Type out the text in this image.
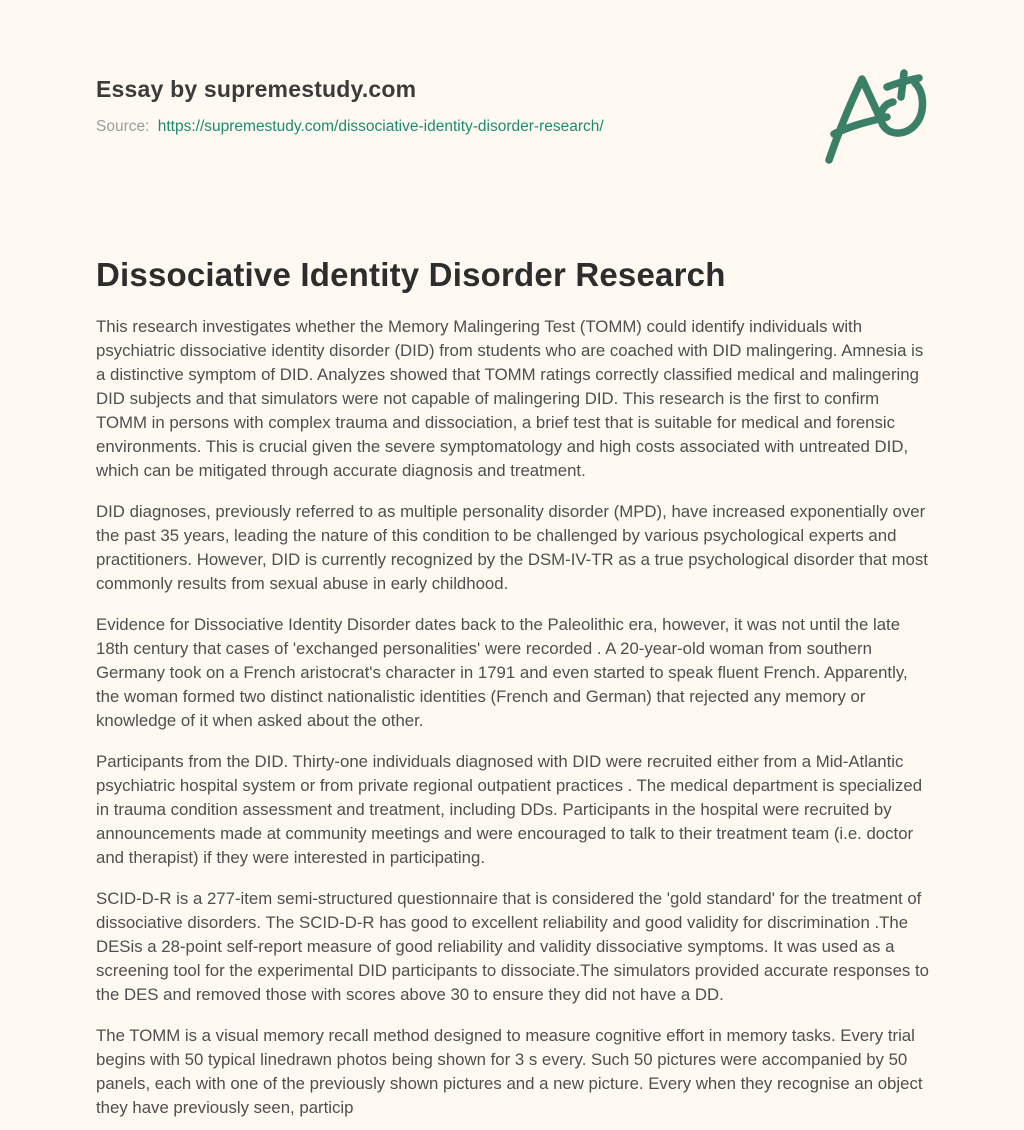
Essay by supremestudy.com
Source: https://supremestudy.com/dissociative-identity-disorder-research/
Dissociative Identity Disorder Research

This research investigates whether the Memory Malingering Test (TOMM) could identify individuals with psychiatric dissociative identity disorder (DID) from students who are coached with DID malingering. Amnesia is a distinctive symptom of DID. Analyzes showed that TOMM ratings correctly classified medical and malingering DID subjects and that simulators were not capable of malingering DID. This research is the first to confirm TOMM in persons with complex trauma and dissociation, a brief test that is suitable for medical and forensic environments. This is crucial given the severe symptomatology and high costs associated with untreated DID, which can be mitigated through accurate diagnosis and treatment.

DID diagnoses, previously referred to as multiple personality disorder (MPD), have increased exponentially over the past 35 years, leading the nature of this condition to be challenged by various psychological experts and practitioners. However, DID is currently recognized by the DSM-IV-TR as a true psychological disorder that most commonly results from sexual abuse in early childhood.

Evidence for Dissociative Identity Disorder dates back to the Paleolithic era, however, it was not until the late 18th century that cases of 'exchanged personalities' were recorded . A 20-year-old woman from southern Germany took on a French aristocrat's character in 1791 and even started to speak fluent French. Apparently, the woman formed two distinct nationalistic identities (French and German) that rejected any memory or knowledge of it when asked about the other.

Participants from the DID. Thirty-one individuals diagnosed with DID were recruited either from a Mid-Atlantic psychiatric hospital system or from private regional outpatient practices . The medical department is specialized in trauma condition assessment and treatment, including DDs. Participants in the hospital were recruited by announcements made at community meetings and were encouraged to talk to their treatment team (i.e. doctor and therapist) if they were interested in participating.

SCID-D-R is a 277-item semi-structured questionnaire that is considered the 'gold standard' for the treatment of dissociative disorders. The SCID-D-R has good to excellent reliability and good validity for discrimination .The DESis a 28-point self-report measure of good reliability and validity dissociative symptoms. It was used as a screening tool for the experimental DID participants to dissociate.The simulators provided accurate responses to the DES and removed those with scores above 30 to ensure they did not have a DD.

The TOMM is a visual memory recall method designed to measure cognitive effort in memory tasks. Every trial begins with 50 typical linedrawn photos being shown for 3 s every. Such 50 pictures were accompanied by 50 panels, each with one of the previously shown pictures and a new picture. Every when they recognise an object they have previously seen, particip
